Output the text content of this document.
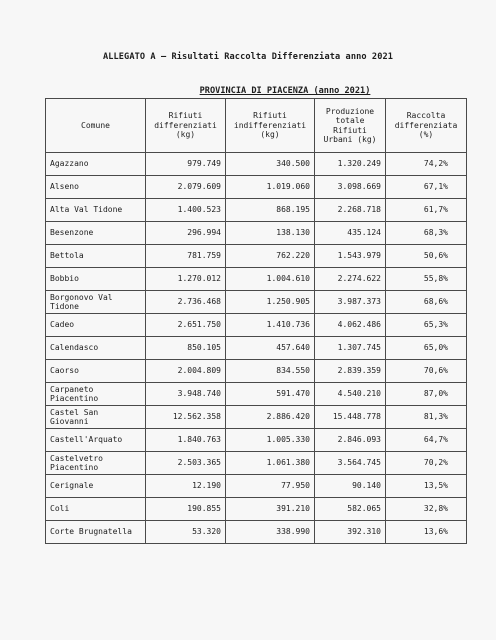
ALLEGATO A – Risultati Raccolta Differenziata anno 2021
PROVINCIA DI PIACENZA (anno 2021)
Comune	Rifiuti differenziati (kg)	Rifiuti indifferenziati (kg)	Produzione totale Rifiuti Urbani (kg)	Raccolta differenziata (%)
Agazzano	979.749	340.500	1.320.249	74,2%
Alseno	2.079.609	1.019.060	3.098.669	67,1%
Alta Val Tidone	1.400.523	868.195	2.268.718	61,7%
Besenzone	296.994	138.130	435.124	68,3%
Bettola	781.759	762.220	1.543.979	50,6%
Bobbio	1.270.012	1.004.610	2.274.622	55,8%
Borgonovo Val Tidone	2.736.468	1.250.905	3.987.373	68,6%
Cadeo	2.651.750	1.410.736	4.062.486	65,3%
Calendasco	850.105	457.640	1.307.745	65,0%
Caorso	2.004.809	834.550	2.839.359	70,6%
Carpaneto Piacentino	3.948.740	591.470	4.540.210	87,0%
Castel San Giovanni	12.562.358	2.886.420	15.448.778	81,3%
Castell'Arquato	1.840.763	1.005.330	2.846.093	64,7%
Castelvetro Piacentino	2.503.365	1.061.380	3.564.745	70,2%
Cerignale	12.190	77.950	90.140	13,5%
Coli	190.855	391.210	582.065	32,8%
Corte Brugnatella	53.320	338.990	392.310	13,6%
